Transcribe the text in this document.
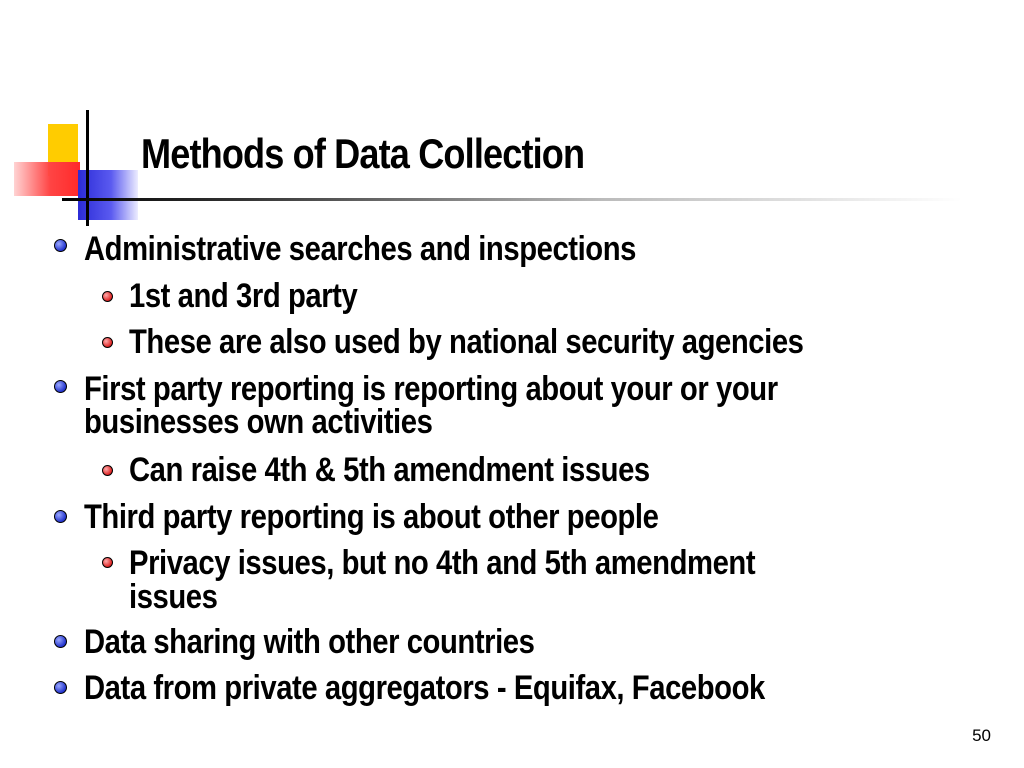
Methods of Data Collection
Administrative searches and inspections
1st and 3rd party
These are also used by national security agencies
First party reporting is reporting about your or your
businesses own activities
Can raise 4th & 5th amendment issues
Third party reporting is about other people
Privacy issues, but no 4th and 5th amendment
issues
Data sharing with other countries
Data from private aggregators - Equifax, Facebook
50
